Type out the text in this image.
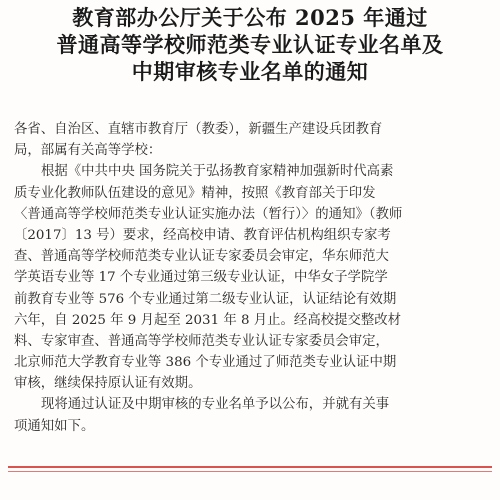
教育部办公厅关于公布 2025 年通过
普通高等学校师范类专业认证专业名单及
中期审核专业名单的通知
各省、自治区、直辖市教育厅（教委），新疆生产建设兵团教育
局，部属有关高等学校：
根据《中共中央 国务院关于弘扬教育家精神加强新时代高素
质专业化教师队伍建设的意见》精神，按照《教育部关于印发
〈普通高等学校师范类专业认证实施办法（暂行）〉的通知》（教师
〔2017〕13 号）要求，经高校申请、教育评估机构组织专家考
查、普通高等学校师范类专业认证专家委员会审定，华东师范大
学英语专业等 17 个专业通过第三级专业认证，中华女子学院学
前教育专业等 576 个专业通过第二级专业认证，认证结论有效期
六年，自 2025 年 9 月起至 2031 年 8 月止。经高校提交整改材
料、专家审查、普通高等学校师范类专业认证专家委员会审定，
北京师范大学教育专业等 386 个专业通过了师范类专业认证中期
审核，继续保持原认证有效期。
现将通过认证及中期审核的专业名单予以公布，并就有关事
项通知如下。
